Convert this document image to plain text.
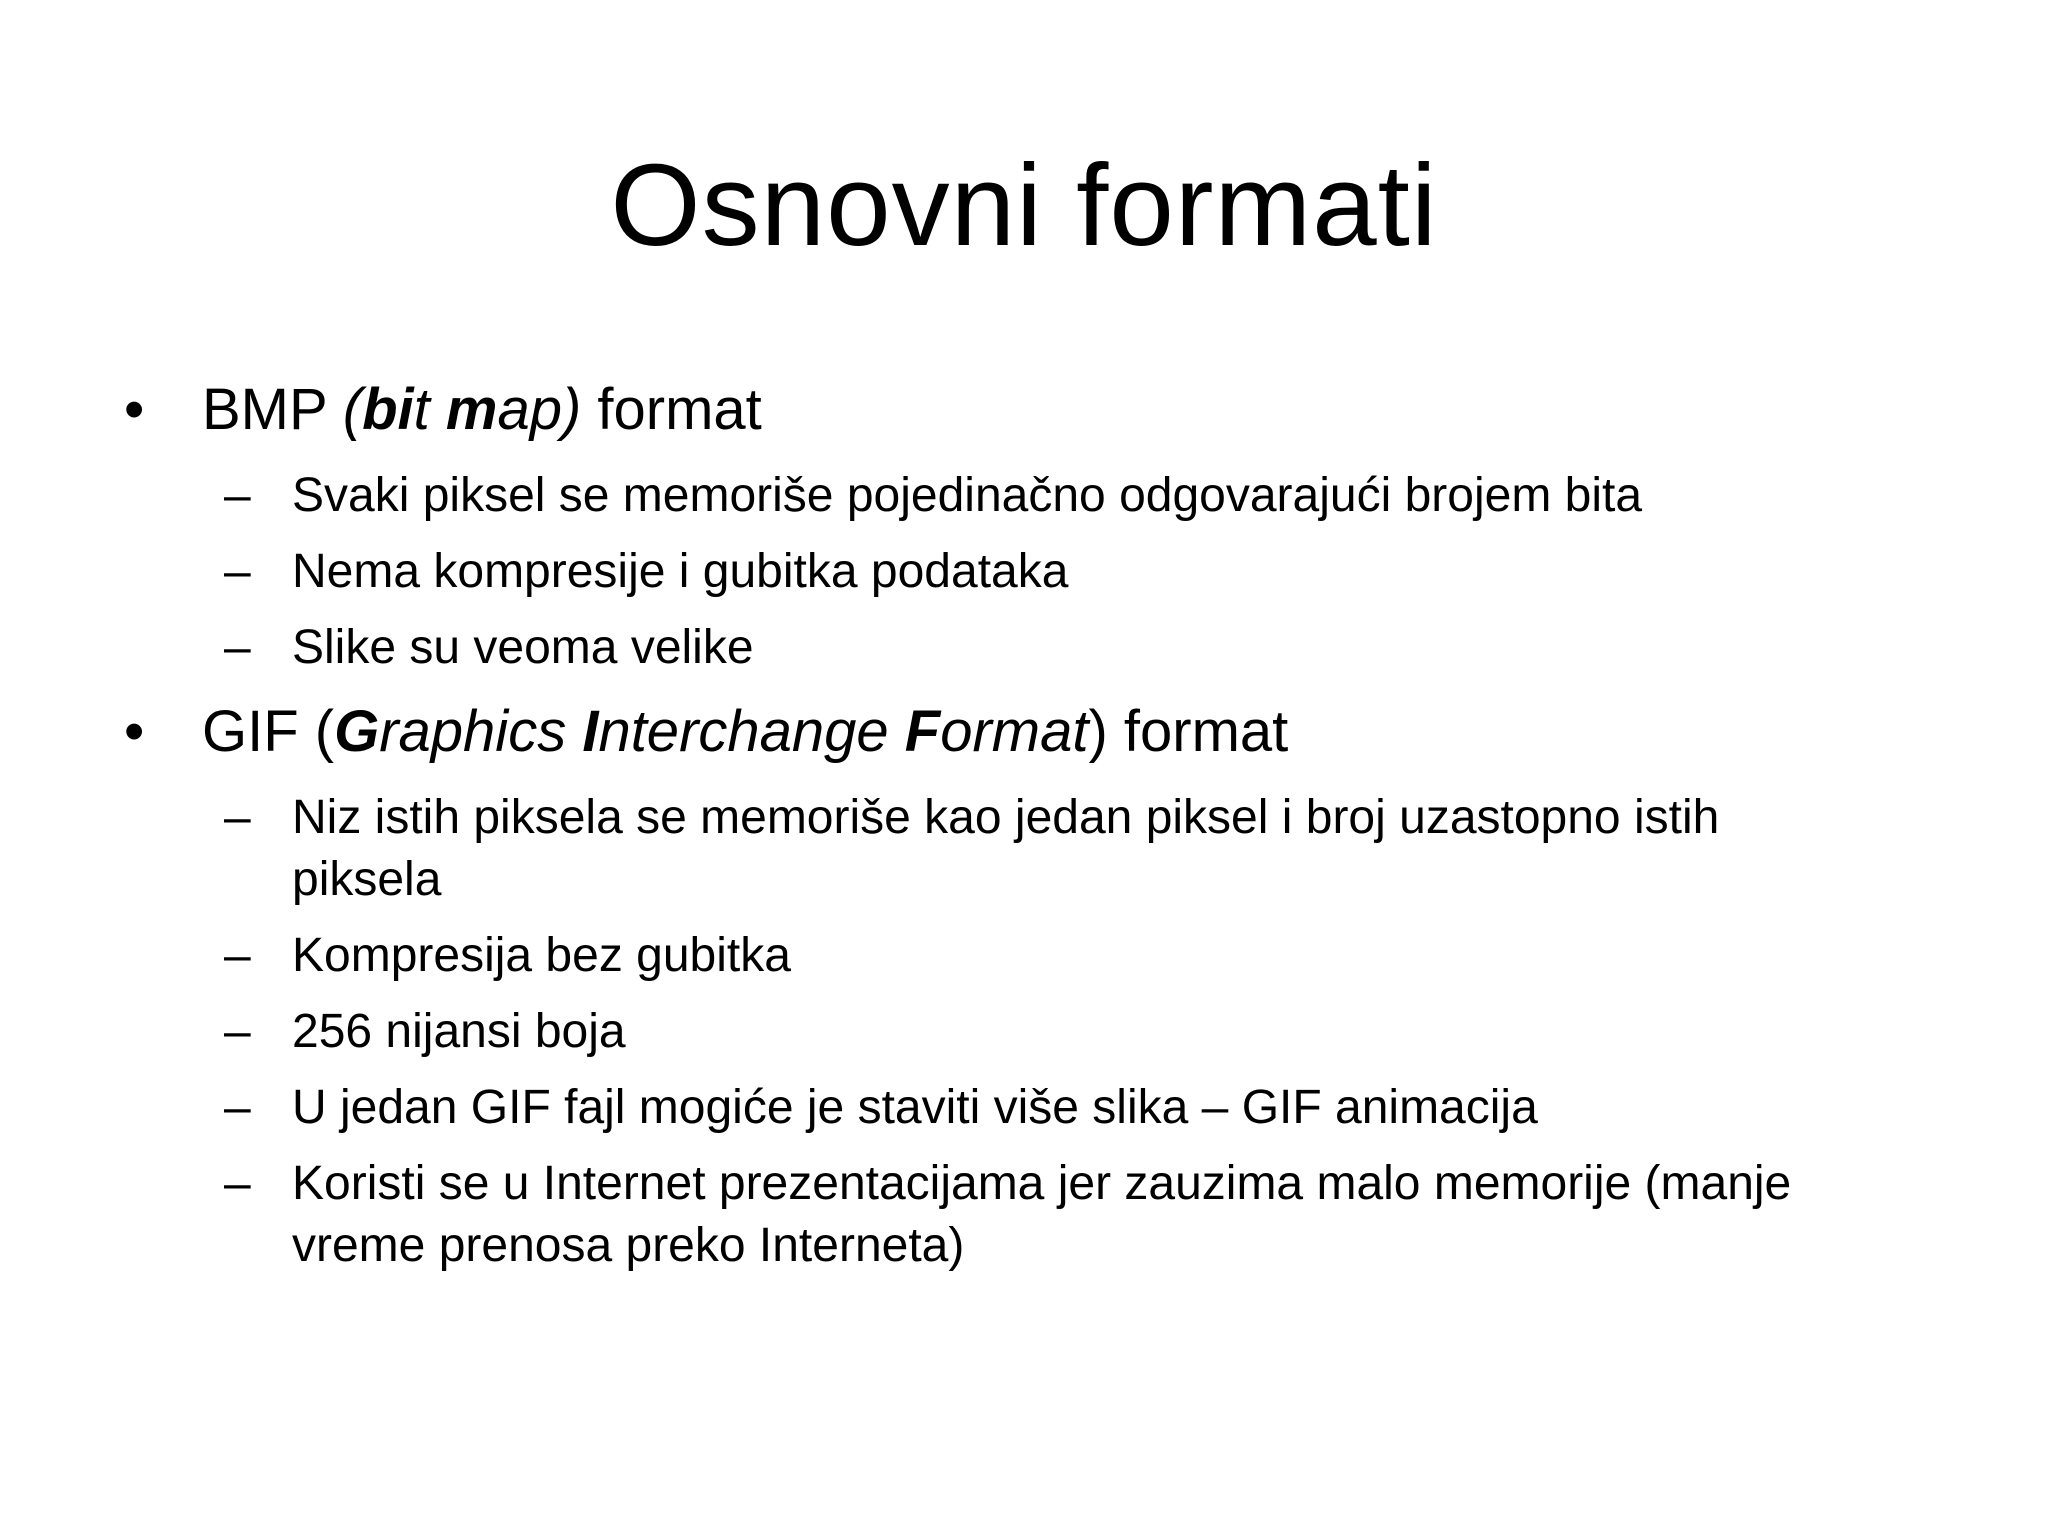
Osnovni formati
• BMP (bit map) format
– Svaki piksel se memoriše pojedinačno odgovarajući brojem bita
– Nema kompresije i gubitka podataka
– Slike su veoma velike
• GIF (Graphics Interchange Format) format
– Niz istih piksela se memoriše kao jedan piksel i broj uzastopno istih piksela
– Kompresija bez gubitka
– 256 nijansi boja
– U jedan GIF fajl mogiće je staviti više slika – GIF animacija
– Koristi se u Internet prezentacijama jer zauzima malo memorije (manje vreme prenosa preko Interneta)
